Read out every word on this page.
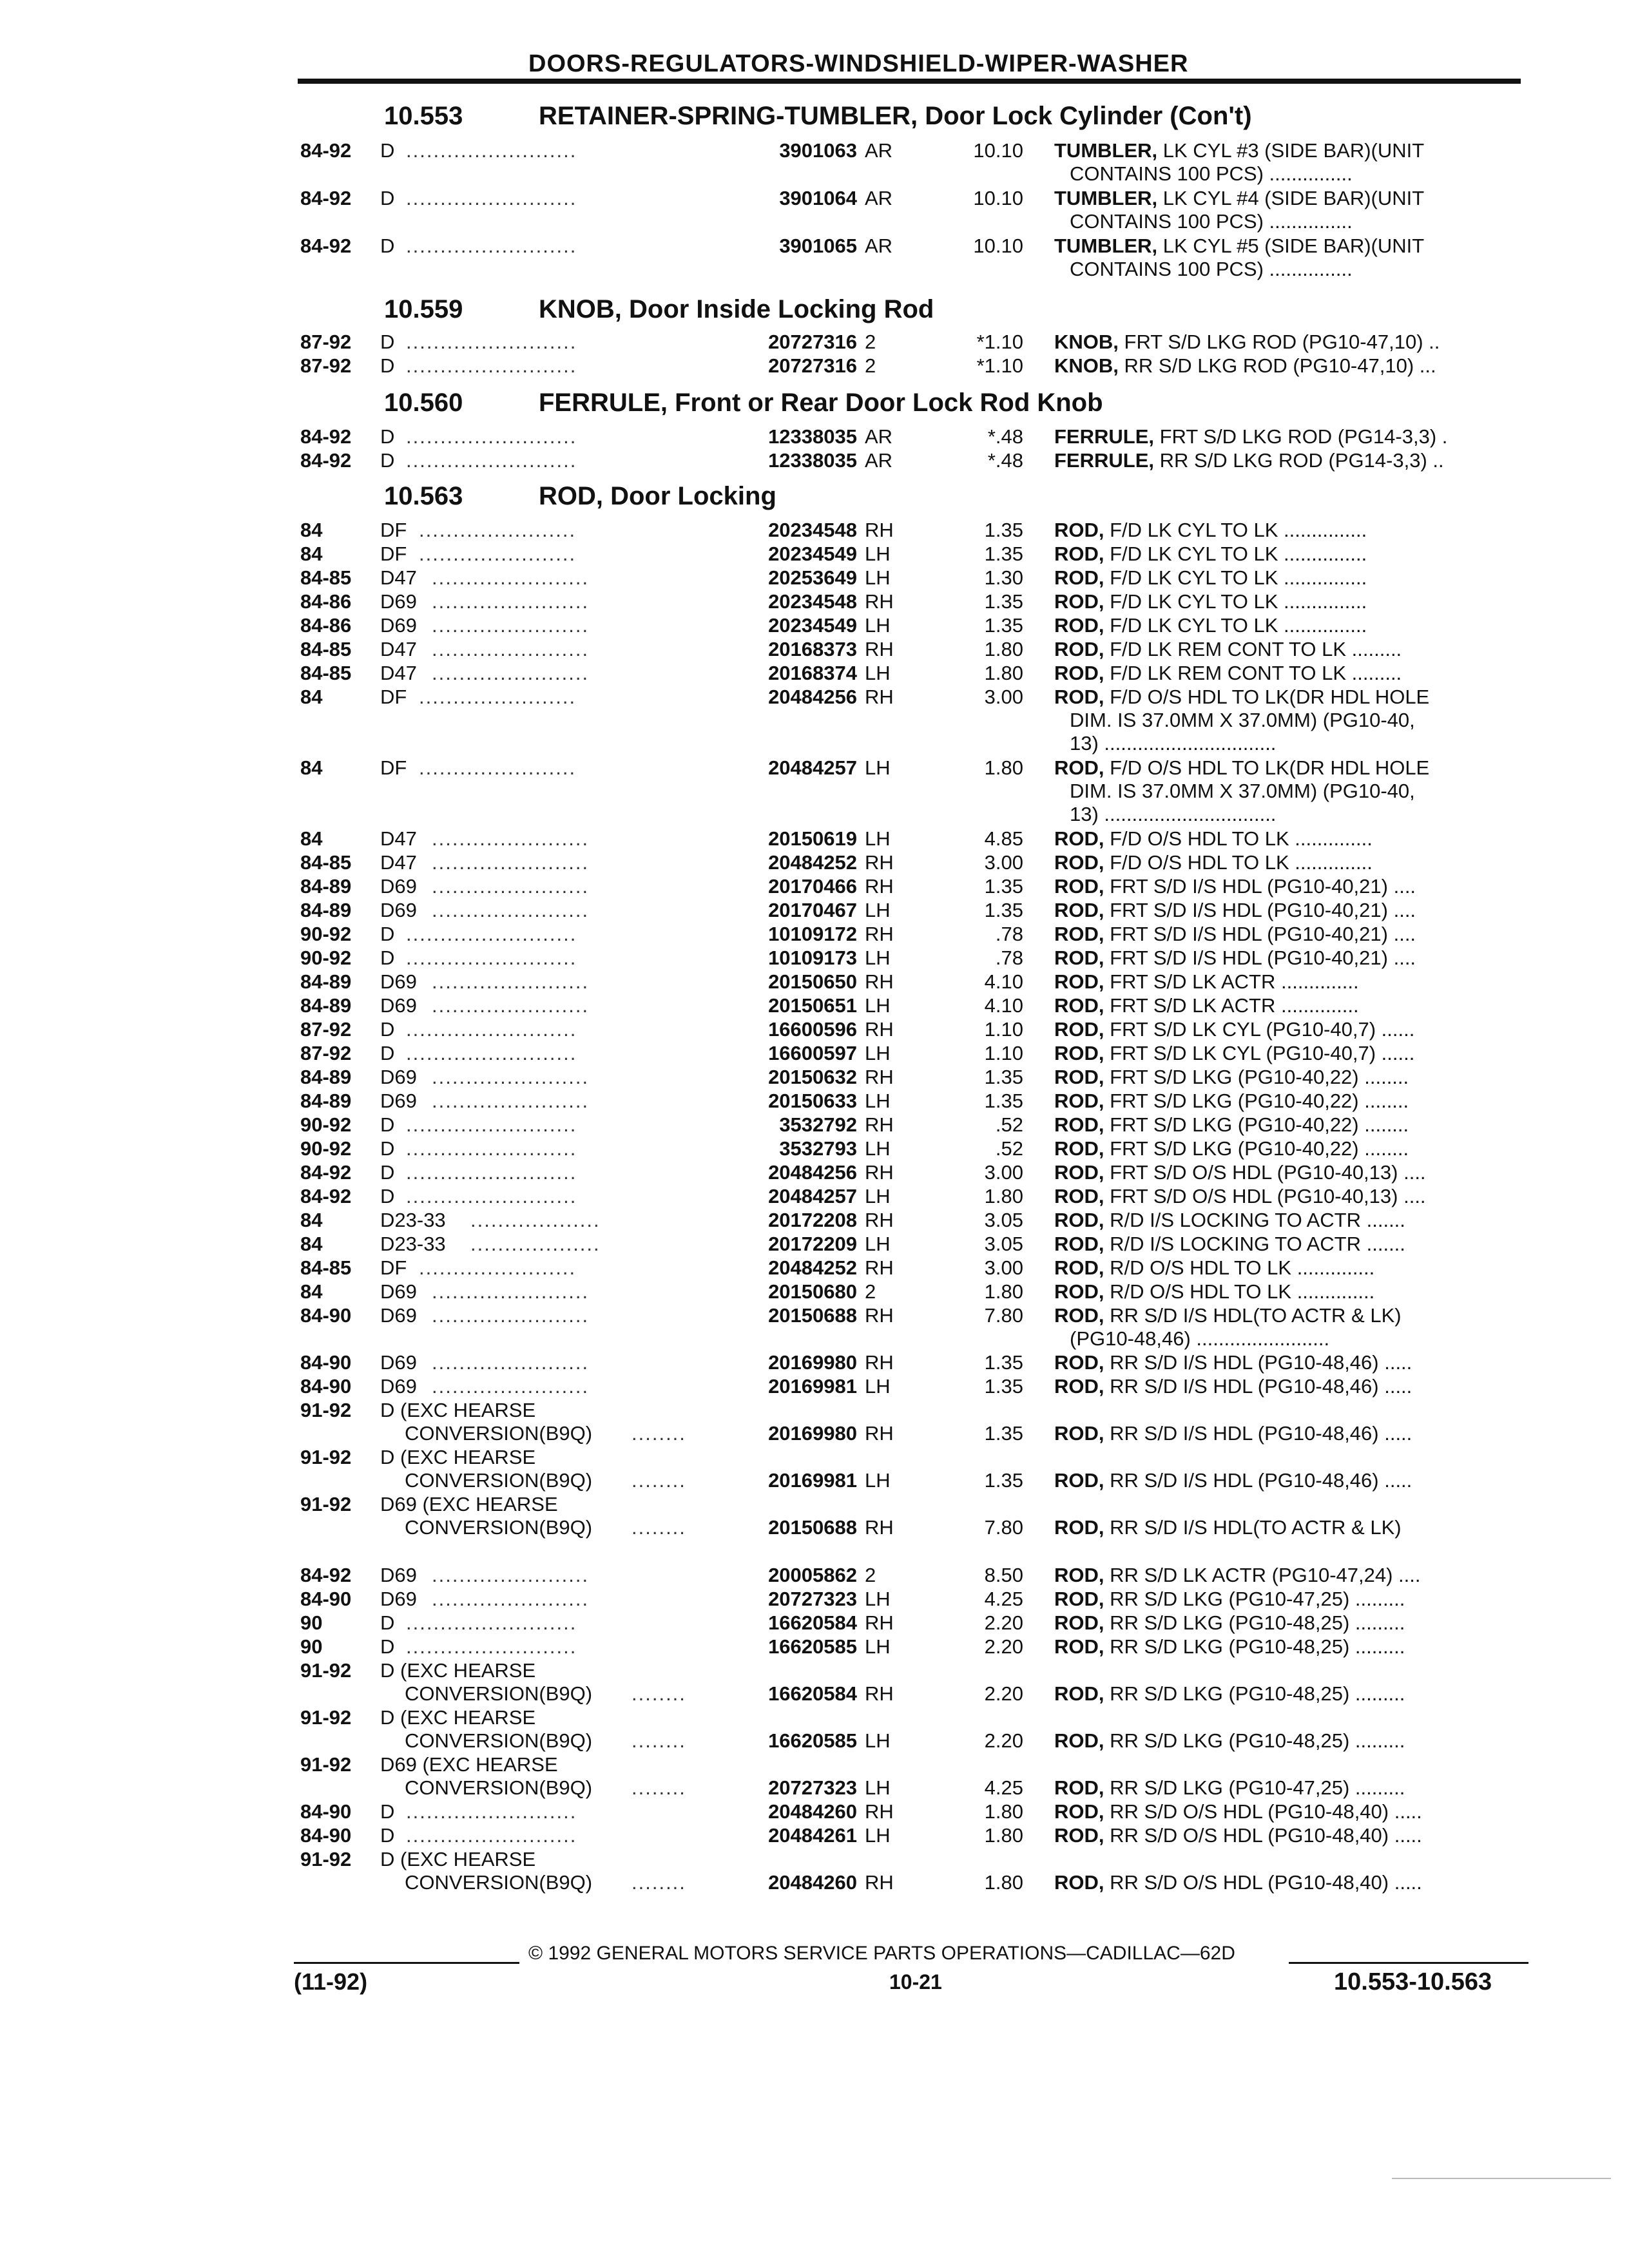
DOORS-REGULATORS-WINDSHIELD-WIPER-WASHER
10.553	RETAINER-SPRING-TUMBLER, Door Lock Cylinder (Con't)
10.559	KNOB, Door Inside Locking Rod
10.560	FERRULE, Front or Rear Door Lock Rod Knob
10.563	ROD, Door Locking
84-92 D .........................	3901063 AR	10.10 TUMBLER, LK CYL #3 (SIDE BAR)(UNIT
CONTAINS 100 PCS) ...............
84-92 D .........................	3901064 AR	10.10 TUMBLER, LK CYL #4 (SIDE BAR)(UNIT
CONTAINS 100 PCS) ...............
84-92 D .........................	3901065 AR	10.10 TUMBLER, LK CYL #5 (SIDE BAR)(UNIT
CONTAINS 100 PCS) ...............
87-92 D .........................	20727316 2	*1.10 KNOB, FRT S/D LKG ROD (PG10-47,10) ..
87-92 D .........................	20727316 2	*1.10 KNOB, RR S/D LKG ROD (PG10-47,10) ...
84-92 D .........................	12338035 AR	*.48 FERRULE, FRT S/D LKG ROD (PG14-3,3) .
84-92 D .........................	12338035 AR	*.48 FERRULE, RR S/D LKG ROD (PG14-3,3) ..
84	DF .......................	20234548 RH	1.35 ROD, F/D LK CYL TO LK ...............
84	DF .......................	20234549 LH	1.35 ROD, F/D LK CYL TO LK ...............
84-85 D47 .......................	20253649 LH	1.30 ROD, F/D LK CYL TO LK ...............
84-86 D69 .......................	20234548 RH	1.35 ROD, F/D LK CYL TO LK ...............
84-86 D69 .......................	20234549 LH	1.35 ROD, F/D LK CYL TO LK ...............
84-85 D47 .......................	20168373 RH	1.80 ROD, F/D LK REM CONT TO LK .........
84-85 D47 .......................	20168374 LH	1.80 ROD, F/D LK REM CONT TO LK .........
84	DF .......................	20484256 RH	3.00 ROD, F/D O/S HDL TO LK(DR HDL HOLE
DIM. IS 37.0MM X 37.0MM) (PG10-40,
13) ...............................
84	DF .......................	20484257 LH	1.80 ROD, F/D O/S HDL TO LK(DR HDL HOLE
DIM. IS 37.0MM X 37.0MM) (PG10-40,
13) ...............................
84	D47 .......................	20150619 LH	4.85 ROD, F/D O/S HDL TO LK ..............
84-85 D47 .......................	20484252 RH	3.00 ROD, F/D O/S HDL TO LK ..............
84-89 D69 .......................	20170466 RH	1.35 ROD, FRT S/D I/S HDL (PG10-40,21) ....
84-89 D69 .......................	20170467 LH	1.35 ROD, FRT S/D I/S HDL (PG10-40,21) ....
90-92 D .........................	10109172 RH	.78 ROD, FRT S/D I/S HDL (PG10-40,21) ....
90-92 D .........................	10109173 LH	.78 ROD, FRT S/D I/S HDL (PG10-40,21) ....
84-89 D69 .......................	20150650 RH	4.10 ROD, FRT S/D LK ACTR ..............
84-89 D69 .......................	20150651 LH	4.10 ROD, FRT S/D LK ACTR ..............
87-92 D .........................	16600596 RH	1.10 ROD, FRT S/D LK CYL (PG10-40,7) ......
87-92 D .........................	16600597 LH	1.10 ROD, FRT S/D LK CYL (PG10-40,7) ......
84-89 D69 .......................	20150632 RH	1.35 ROD, FRT S/D LKG (PG10-40,22) ........
84-89 D69 .......................	20150633 LH	1.35 ROD, FRT S/D LKG (PG10-40,22) ........
90-92 D .........................	3532792 RH	.52 ROD, FRT S/D LKG (PG10-40,22) ........
90-92 D .........................	3532793 LH	.52 ROD, FRT S/D LKG (PG10-40,22) ........
84-92 D .........................	20484256 RH	3.00 ROD, FRT S/D O/S HDL (PG10-40,13) ....
84-92 D .........................	20484257 LH	1.80 ROD, FRT S/D O/S HDL (PG10-40,13) ....
84	D23-33 ...................	20172208 RH	3.05 ROD, R/D I/S LOCKING TO ACTR .......
84	D23-33 ...................	20172209 LH	3.05 ROD, R/D I/S LOCKING TO ACTR .......
84-85 DF .......................	20484252 RH	3.00 ROD, R/D O/S HDL TO LK ..............
84	D69 .......................	20150680 2	1.80 ROD, R/D O/S HDL TO LK ..............
84-90 D69 .......................	20150688 RH	7.80 ROD, RR S/D I/S HDL(TO ACTR & LK)
(PG10-48,46) ........................
84-90 D69 .......................	20169980 RH	1.35 ROD, RR S/D I/S HDL (PG10-48,46) .....
84-90 D69 .......................	20169981 LH	1.35 ROD, RR S/D I/S HDL (PG10-48,46) .....
91-92 D (EXC HEARSE
CONVERSION(B9Q) ........	20169980 RH	1.35 ROD, RR S/D I/S HDL (PG10-48,46) .....
91-92 D (EXC HEARSE
CONVERSION(B9Q) ........	20169981 LH	1.35 ROD, RR S/D I/S HDL (PG10-48,46) .....
91-92 D69 (EXC HEARSE
CONVERSION(B9Q) ........	20150688 RH	7.80 ROD, RR S/D I/S HDL(TO ACTR & LK)
84-92 D69 .......................	20005862 2	8.50 ROD, RR S/D LK ACTR (PG10-47,24) ....
84-90 D69 .......................	20727323 LH	4.25 ROD, RR S/D LKG (PG10-47,25) .........
90	D .........................	16620584 RH	2.20 ROD, RR S/D LKG (PG10-48,25) .........
90	D .........................	16620585 LH	2.20 ROD, RR S/D LKG (PG10-48,25) .........
91-92 D (EXC HEARSE
CONVERSION(B9Q) ........	16620584 RH	2.20 ROD, RR S/D LKG (PG10-48,25) .........
91-92 D (EXC HEARSE
CONVERSION(B9Q) ........	16620585 LH	2.20 ROD, RR S/D LKG (PG10-48,25) .........
91-92 D69 (EXC HEARSE
CONVERSION(B9Q) ........	20727323 LH	4.25 ROD, RR S/D LKG (PG10-47,25) .........
84-90 D .........................	20484260 RH	1.80 ROD, RR S/D O/S HDL (PG10-48,40) .....
84-90 D .........................	20484261 LH	1.80 ROD, RR S/D O/S HDL (PG10-48,40) .....
91-92 D (EXC HEARSE
CONVERSION(B9Q) ........	20484260 RH	1.80 ROD, RR S/D O/S HDL (PG10-48,40) .....
© 1992 GENERAL MOTORS SERVICE PARTS OPERATIONS—CADILLAC—62D
(11-92)	10-21	10.553-10.563
